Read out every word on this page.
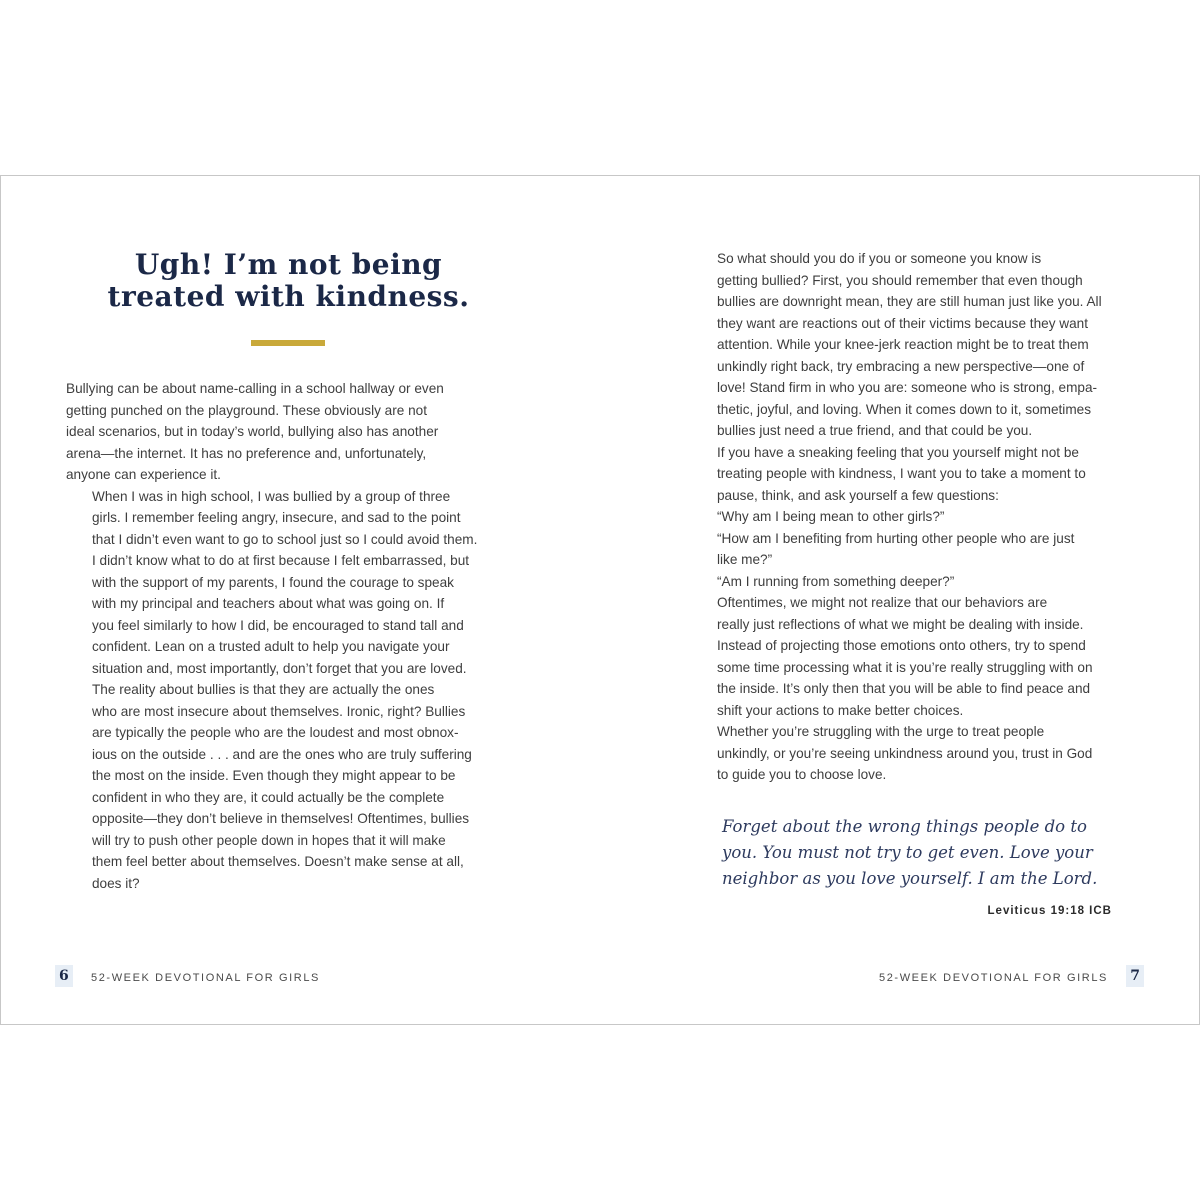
Ugh! I’m not being
treated with kindness.

Bullying can be about name-calling in a school hallway or even
getting punched on the playground. These obviously are not
ideal scenarios, but in today’s world, bullying also has another
arena—the internet. It has no preference and, unfortunately,
anyone can experience it.

When I was in high school, I was bullied by a group of three
girls. I remember feeling angry, insecure, and sad to the point
that I didn’t even want to go to school just so I could avoid them.
I didn’t know what to do at first because I felt embarrassed, but
with the support of my parents, I found the courage to speak
with my principal and teachers about what was going on. If
you feel similarly to how I did, be encouraged to stand tall and
confident. Lean on a trusted adult to help you navigate your
situation and, most importantly, don’t forget that you are loved.

The reality about bullies is that they are actually the ones
who are most insecure about themselves. Ironic, right? Bullies
are typically the people who are the loudest and most obnox-
ious on the outside . . . and are the ones who are truly suffering
the most on the inside. Even though they might appear to be
confident in who they are, it could actually be the complete
opposite—they don’t believe in themselves! Oftentimes, bullies
will try to push other people down in hopes that it will make
them feel better about themselves. Doesn’t make sense at all,
does it?

6	52-WEEK DEVOTIONAL FOR GIRLS

So what should you do if you or someone you know is
getting bullied? First, you should remember that even though
bullies are downright mean, they are still human just like you. All
they want are reactions out of their victims because they want
attention. While your knee-jerk reaction might be to treat them
unkindly right back, try embracing a new perspective—one of
love! Stand firm in who you are: someone who is strong, empa-
thetic, joyful, and loving. When it comes down to it, sometimes
bullies just need a true friend, and that could be you.

If you have a sneaking feeling that you yourself might not be
treating people with kindness, I want you to take a moment to
pause, think, and ask yourself a few questions:

“Why am I being mean to other girls?”

“How am I benefiting from hurting other people who are just
like me?”

“Am I running from something deeper?”

Oftentimes, we might not realize that our behaviors are
really just reflections of what we might be dealing with inside.
Instead of projecting those emotions onto others, try to spend
some time processing what it is you’re really struggling with on
the inside. It’s only then that you will be able to find peace and
shift your actions to make better choices.

Whether you’re struggling with the urge to treat people
unkindly, or you’re seeing unkindness around you, trust in God
to guide you to choose love.

Forget about the wrong things people do to
you. You must not try to get even. Love your
neighbor as you love yourself. I am the Lord.
Leviticus 19:18 ICB
52-WEEK DEVOTIONAL FOR GIRLS 7
